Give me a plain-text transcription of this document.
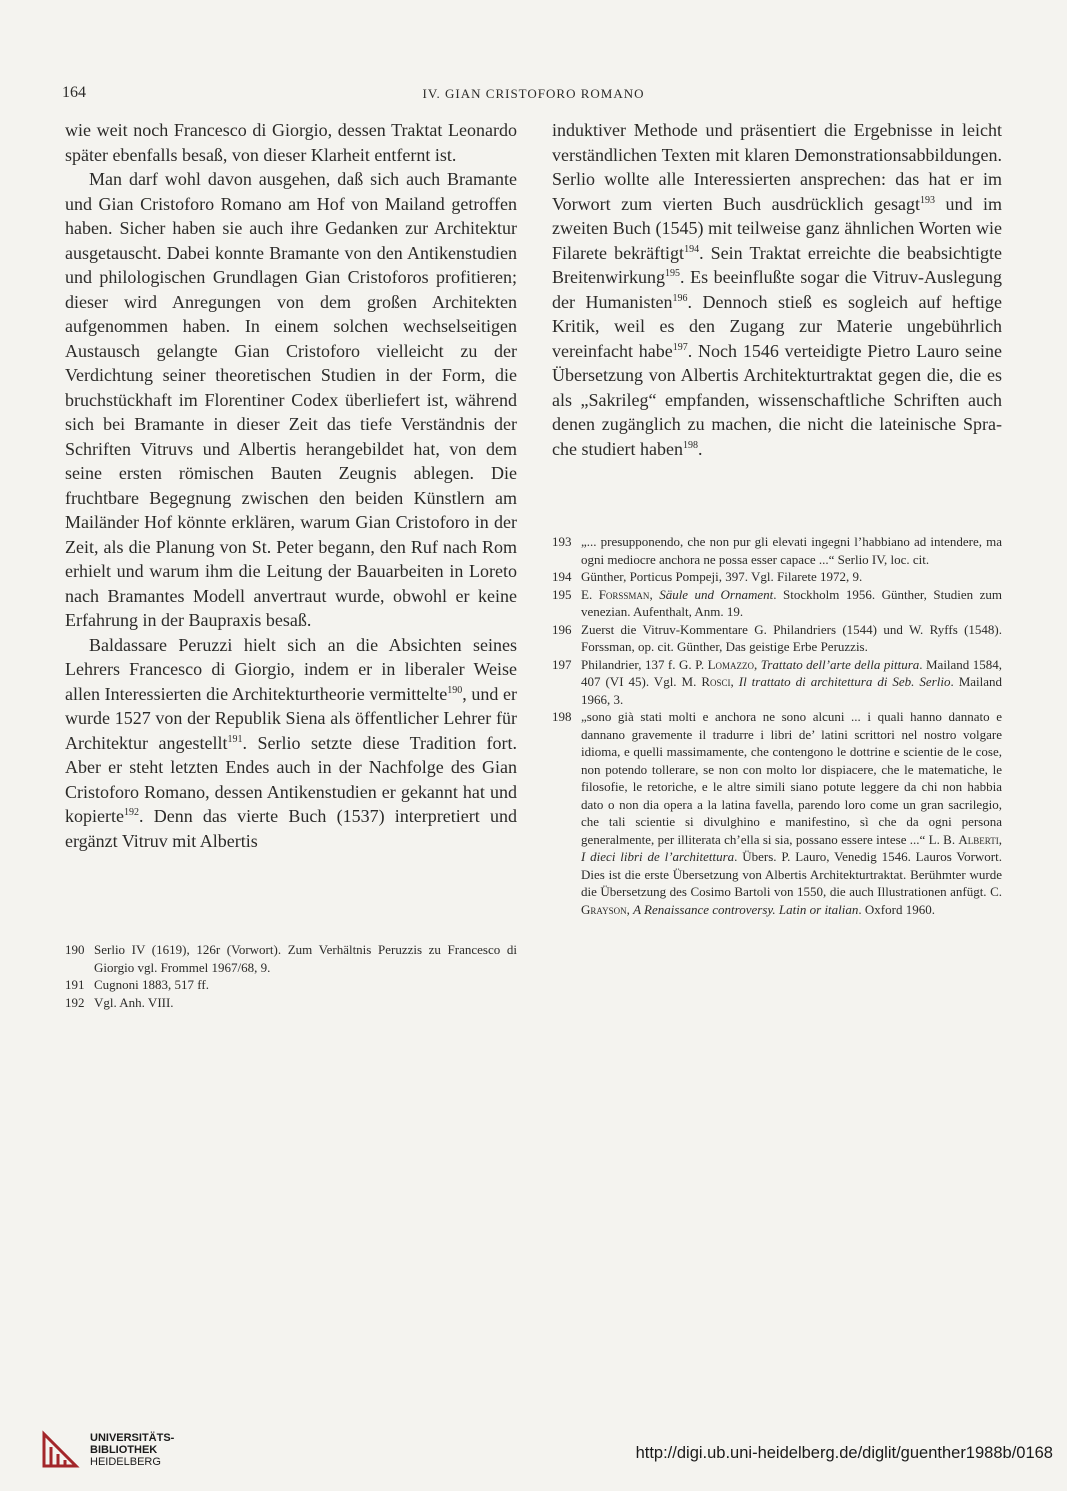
164	IV. GIAN CRISTOFORO ROMANO

wie weit noch Francesco di Giorgio, dessen Traktat Leonardo später ebenfalls besaß, von dieser Klarheit entfernt ist.

Man darf wohl davon ausgehen, daß sich auch Bramante und Gian Cristoforo Romano am Hof von Mailand getroffen haben. Sicher haben sie auch ihre Gedanken zur Architektur ausgetauscht. Dabei konnte Bramante von den Antikenstudien und philologischen Grundlagen Gian Cristoforos profitieren; dieser wird Anregungen von dem großen Architekten aufgenommen haben. In einem solchen wechselseitigen Austausch gelangte Gian Cristoforo vielleicht zu der Verdichtung seiner theoretischen Studien in der Form, die bruchstückhaft im Florentiner Codex überliefert ist, während sich bei Bramante in dieser Zeit das tiefe Verständnis der Schriften Vitruvs und Albertis herangebildet hat, von dem seine ersten römischen Bauten Zeugnis ablegen. Die fruchtbare Begegnung zwischen den beiden Künstlern am Mailänder Hof könnte erklären, warum Gian Cristoforo in der Zeit, als die Planung von St. Peter begann, den Ruf nach Rom erhielt und warum ihm die Leitung der Bauarbeiten in Loreto nach Bramantes Modell anvertraut wurde, obwohl er keine Erfahrung in der Baupraxis besaß.

Baldassare Peruzzi hielt sich an die Absichten seines Lehrers Francesco di Giorgio, indem er in liberaler Weise allen Interessierten die Architekturtheorie vermittelte$^{190}$, und er wurde 1527 von der Republik Siena als öffentlicher Lehrer für Architektur angestellt$^{191}$. Serlio setzte diese Tradition fort. Aber er steht letzten Endes auch in der Nachfolge des Gian Cristoforo Romano, dessen Antikenstudien er gekannt hat und kopierte$^{192}$. Denn das vierte Buch (1537) interpretiert und ergänzt Vitruv mit Albertis

induktiver Methode und präsentiert die Ergebnisse in leicht verständlichen Texten mit klaren Demonstrationsabbildungen. Serlio wollte alle Interessierten ansprechen: das hat er im Vorwort zum vierten Buch ausdrücklich gesagt$^{193}$ und im zweiten Buch (1545) mit teilweise ganz ähnlichen Worten wie Filarete bekräftigt$^{194}$. Sein Traktat erreichte die beabsichtigte Breitenwirkung$^{195}$. Es beeinflußte sogar die Vitruv-Auslegung der Humanisten$^{196}$. Dennoch stieß es sogleich auf heftige Kritik, weil es den Zugang zur Materie ungebührlich vereinfacht habe$^{197}$. Noch 1546 verteidigte Pietro Lauro seine Übersetzung von Albertis Architekturtraktat gegen die, die es als „Sakrileg“ empfanden, wissenschaftliche Schriften auch denen zugänglich zu machen, die nicht die lateinische Sprache studiert haben$^{198}$.

190 Serlio IV (1619), 126r (Vorwort). Zum Verhältnis Peruzzis zu Francesco di Giorgio vgl. Frommel 1967/68, 9.

191 Cugnoni 1883, 517 ff.

192 Vgl. Anh. VIII.

193 „... presupponendo, che non pur gli elevati ingegni l’habbiano ad intendere, ma ogni mediocre anchora ne possa esser capace ...“ Serlio IV, loc. cit.

194 Günther, Porticus Pompeji, 397. Vgl. Filarete 1972, 9.

195 E. Forssman, Säule und Ornament. Stockholm 1956. Günther, Studien zum venezian. Aufenthalt, Anm. 19.

196 Zuerst die Vitruv-Kommentare G. Philandriers (1544) und W. Ryffs (1548). Forssman, op. cit. Günther, Das geistige Erbe Peruzzis.

197 Philandrier, 137 f. G. P. Lomazzo, Trattato dell’arte della pittura. Mailand 1584, 407 (VI 45). Vgl. M. Rosci, Il trattato di architettura di Seb. Serlio. Mailand 1966, 3.

198 „sono già stati molti e anchora ne sono alcuni ... i quali hanno dannato e dannano gravemente il tradurre i libri de’ latini scrittori nel nostro volgare idioma, e quelli massimamente, che contengono le dottrine e scientie de le cose, non potendo tollerare, se non con molto lor dispiacere, che le matematiche, le filosofie, le retoriche, e le altre simili siano potute leggere da chi non habbia dato o non dia opera a la latina favella, parendo loro come un gran sacrilegio, che tali scientie si divulghino e manifestino, sì che da ogni persona generalmente, per illiterata ch’ella si sia, possano essere intese ...“ L. B. Alberti, I dieci libri de l’architettura. Übers. P. Lauro, Venedig 1546. Lauros Vorwort. Dies ist die erste Übersetzung von Albertis Architekturtraktat. Berühmter wurde die Übersetzung des Cosimo Bartoli von 1550, die auch Illustrationen anfügt. C. Grayson, A Renaissance controversy. Latin or italian. Oxford 1960.

UNIVERSITÄTS-
BIBLIOTHEK
HEIDELBERG	http://digi.ub.uni-heidelberg.de/diglit/guenther1988b/0168
